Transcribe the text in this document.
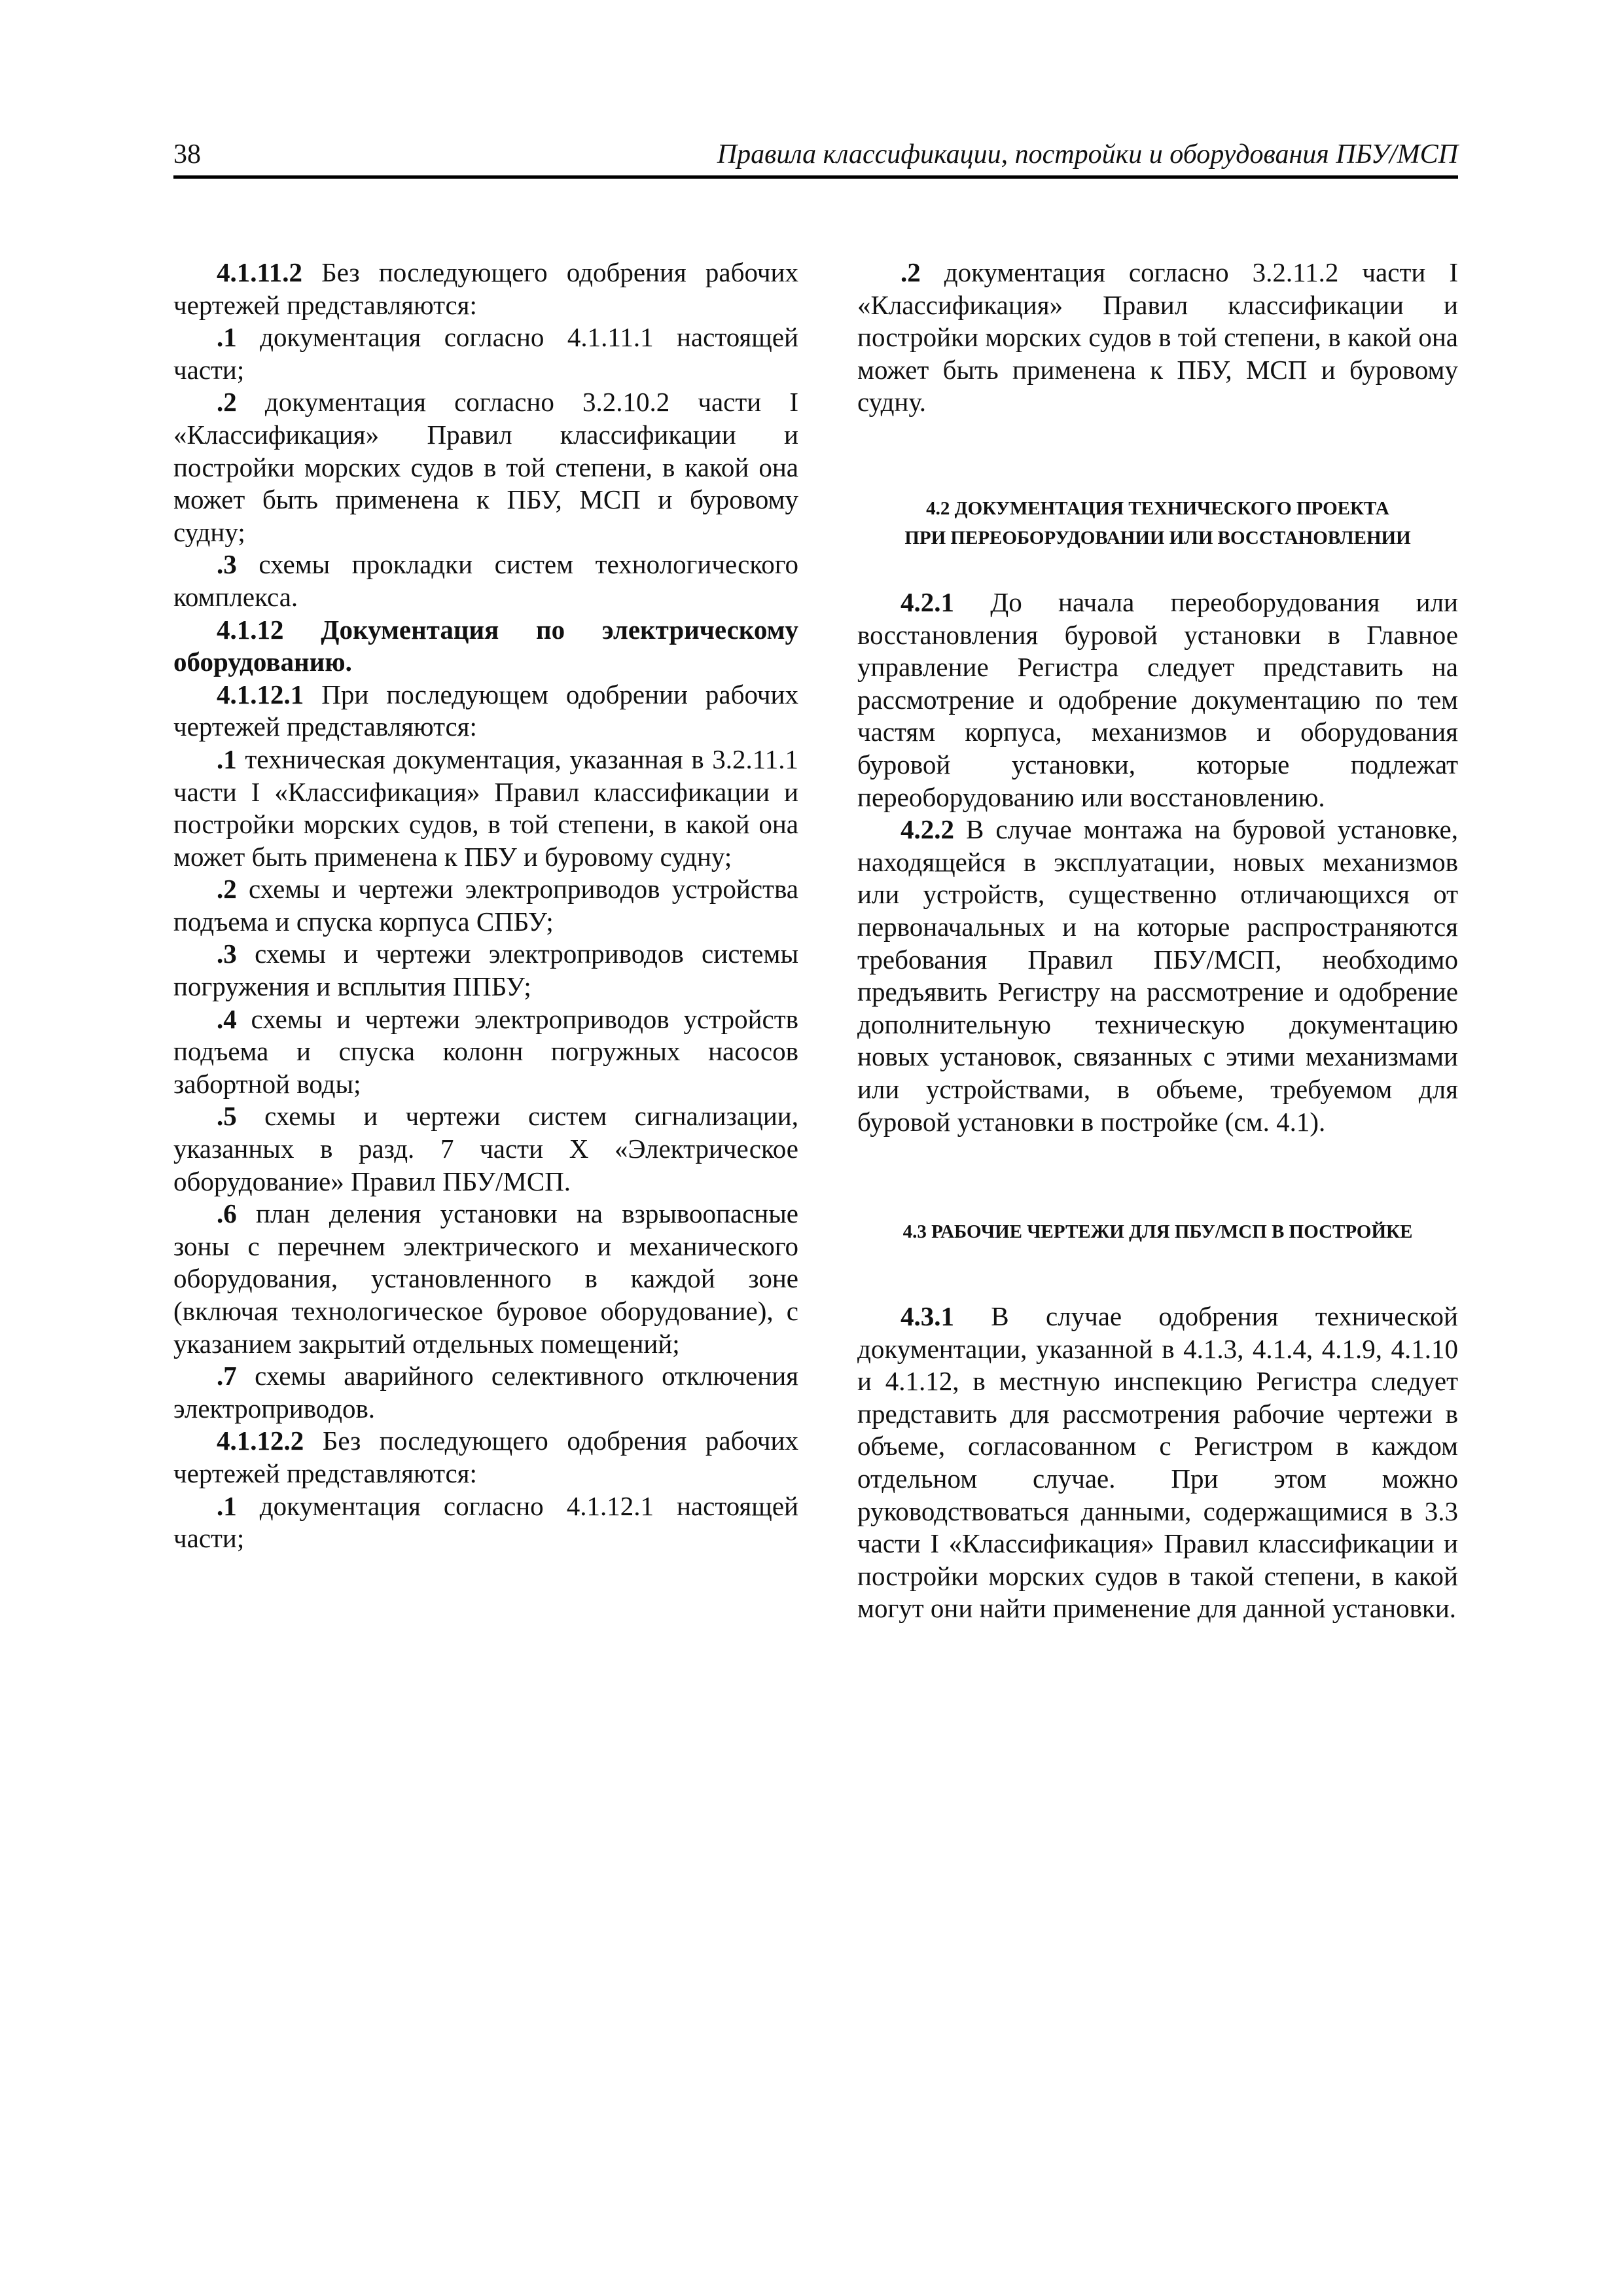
38	Правила классификации, постройки и оборудования ПБУ/МСП

4.1.11.2 Без последующего одобрения рабочих чертежей представляются:

.1 документация согласно 4.1.11.1 настоящей части;

.2 документация согласно 3.2.10.2 части I «Классификация» Правил классификации и постройки морских судов в той степени, в какой она может быть применена к ПБУ, МСП и буровому судну;

.3 схемы прокладки систем технологического комплекса.

4.1.12 Документация по электрическому оборудованию.

4.1.12.1 При последующем одобрении рабочих чертежей представляются:

.1 техническая документация, указанная в 3.2.11.1 части I «Классификация» Правил классификации и постройки морских судов, в той степени, в какой она может быть применена к ПБУ и буровому судну;

.2 схемы и чертежи электроприводов устройства подъема и спуска корпуса СПБУ;

.3 схемы и чертежи электроприводов системы погружения и всплытия ППБУ;

.4 схемы и чертежи электроприводов устройств подъема и спуска колонн погружных насосов забортной воды;

.5 схемы и чертежи систем сигнализации, указанных в разд. 7 части X «Электрическое оборудование» Правил ПБУ/МСП.

.6 план деления установки на взрывоопасные зоны с перечнем электрического и механического оборудования, установленного в каждой зоне (включая технологическое буровое оборудование), с указанием закрытий отдельных помещений;

.7 схемы аварийного селективного отключения электроприводов.

4.1.12.2 Без последующего одобрения рабочих чертежей представляются:

.1 документация согласно 4.1.12.1 настоящей части;

.2 документация согласно 3.2.11.2 части I «Классификация» Правил классификации и постройки морских судов в той степени, в какой она может быть применена к ПБУ, МСП и буровому судну.

4.2 ДОКУМЕНТАЦИЯ ТЕХНИЧЕСКОГО ПРОЕКТА
ПРИ ПЕРЕОБОРУДОВАНИИ ИЛИ ВОССТАНОВЛЕНИИ

4.2.1 До начала переоборудования или восстановления буровой установки в Главное управление Регистра следует представить на рассмотрение и одобрение документацию по тем частям корпуса, механизмов и оборудования буровой установки, которые подлежат переоборудованию или восстановлению.

4.2.2 В случае монтажа на буровой установке, находящейся в эксплуатации, новых механизмов или устройств, существенно отличающихся от первоначальных и на которые распространяются требования Правил ПБУ/МСП, необходимо предъявить Регистру на рассмотрение и одобрение дополнительную техническую документацию новых установок, связанных с этими механизмами или устройствами, в объеме, требуемом для буровой установки в постройке (см. 4.1).

4.3 РАБОЧИЕ ЧЕРТЕЖИ ДЛЯ ПБУ/МСП В ПОСТРОЙКЕ

4.3.1 В случае одобрения технической документации, указанной в 4.1.3, 4.1.4, 4.1.9, 4.1.10 и 4.1.12, в местную инспекцию Регистра следует представить для рассмотрения рабочие чертежи в объеме, согласованном с Регистром в каждом отдельном случае. При этом можно руководствоваться данными, содержащимися в 3.3 части I «Классификация» Правил классификации и постройки морских судов в такой степени, в какой могут они найти применение для данной установки.
